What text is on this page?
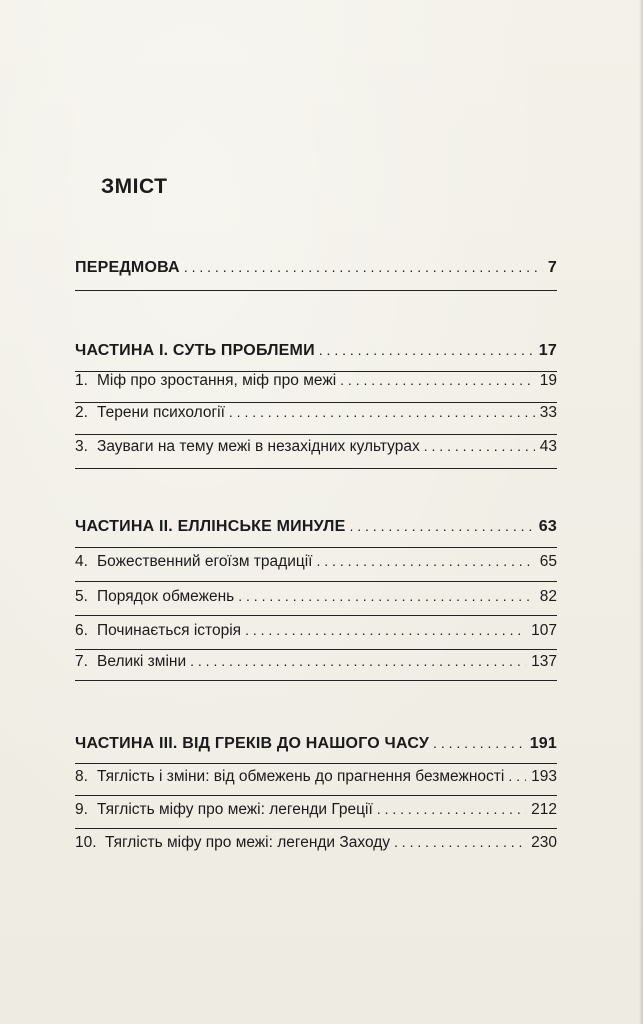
ЗМІСТ
ПЕРЕДМОВА . . .	7
ЧАСТИНА I. СУТЬ ПРОБЛЕМИ . . .	17
1. Міф про зростання, міф про межі . . .	19
2. Терени психології . . .	33
3. Зауваги на тему межі в незахідних культурах . . .	43
ЧАСТИНА II. ЕЛЛІНСЬКЕ МИНУЛЕ . . .	63
4. Божественний егоїзм традиції . . .	65
5. Порядок обмежень . . .	82
6. Починається історія . . .	107
7. Великі зміни . . .	137
ЧАСТИНА III. ВІД ГРЕКІВ ДО НАШОГО ЧАСУ . . .	191
8. Тяглість і зміни: від обмежень до прагнення безмежності . . . 193
9. Тяглість міфу про межі: легенди Греції . . .	212
10. Тяглість міфу про межі: легенди Заходу . . .	230
